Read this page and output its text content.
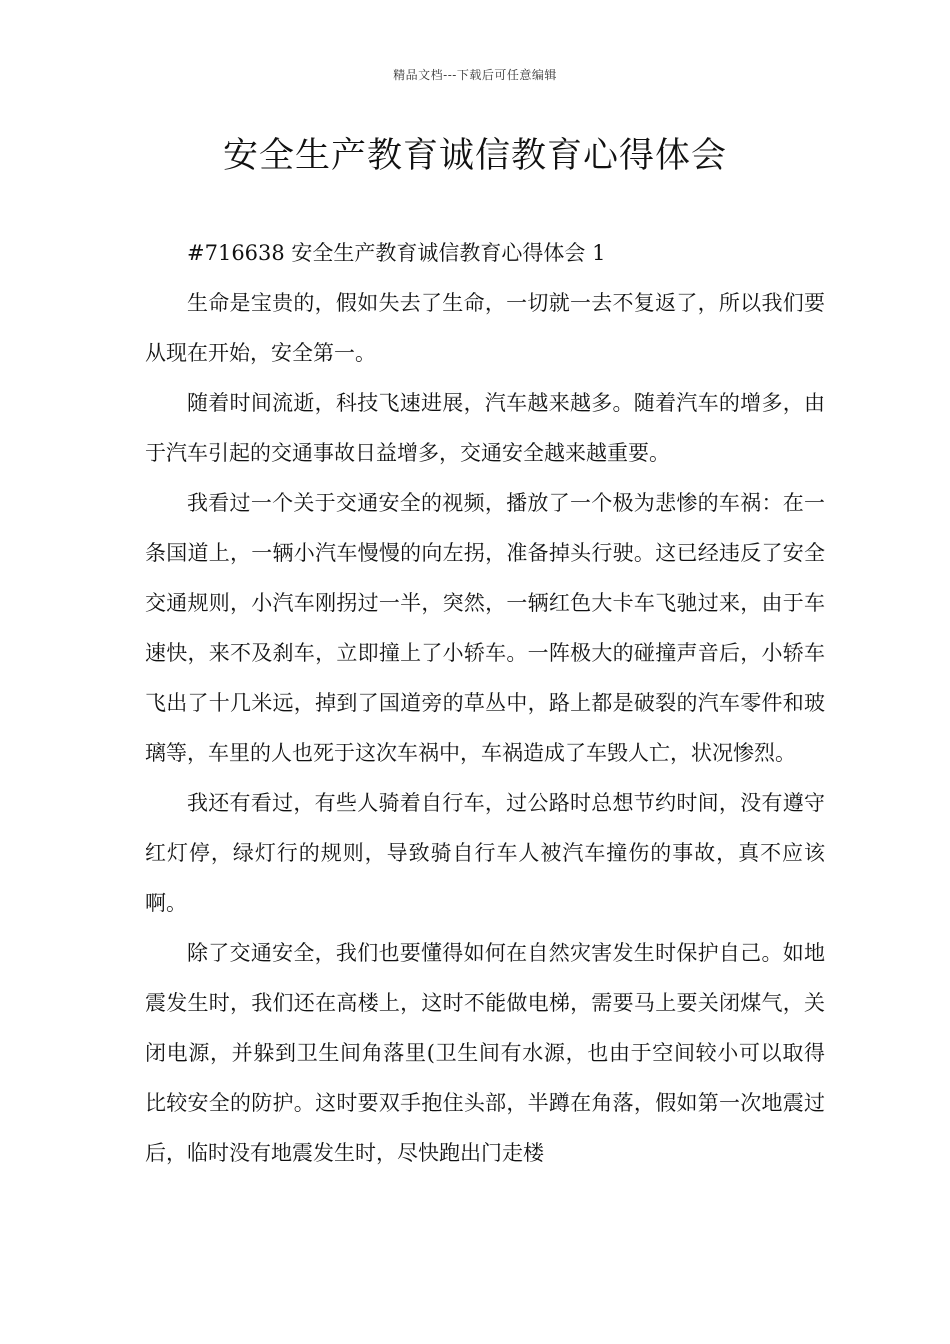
精品文档---下载后可任意编辑
安全生产教育诚信教育心得体会

#716638 安全生产教育诚信教育心得体会 1

生命是宝贵的，假如失去了生命，一切就一去不复返了，所以我们要从现在开始，安全第一。

随着时间流逝，科技飞速进展，汽车越来越多。随着汽车的增多，由于汽车引起的交通事故日益增多，交通安全越来越重要。

我看过一个关于交通安全的视频，播放了一个极为悲惨的车祸：在一条国道上，一辆小汽车慢慢的向左拐，准备掉头行驶。这已经违反了安全交通规则，小汽车刚拐过一半，突然，一辆红色大卡车飞驰过来，由于车速快，来不及刹车，立即撞上了小轿车。一阵极大的碰撞声音后，小轿车飞出了十几米远，掉到了国道旁的草丛中，路上都是破裂的汽车零件和玻璃等，车里的人也死于这次车祸中，车祸造成了车毁人亡，状况惨烈。

我还有看过，有些人骑着自行车，过公路时总想节约时间，没有遵守红灯停，绿灯行的规则，导致骑自行车人被汽车撞伤的事故，真不应该啊。

除了交通安全，我们也要懂得如何在自然灾害发生时保护自己。如地震发生时，我们还在高楼上，这时不能做电梯，需要马上要关闭煤气，关闭电源，并躲到卫生间角落里(卫生间有水源，也由于空间较小可以取得比较安全的防护。这时要双手抱住头部，半蹲在角落，假如第一次地震过后，临时没有地震发生时，尽快跑出门走楼
